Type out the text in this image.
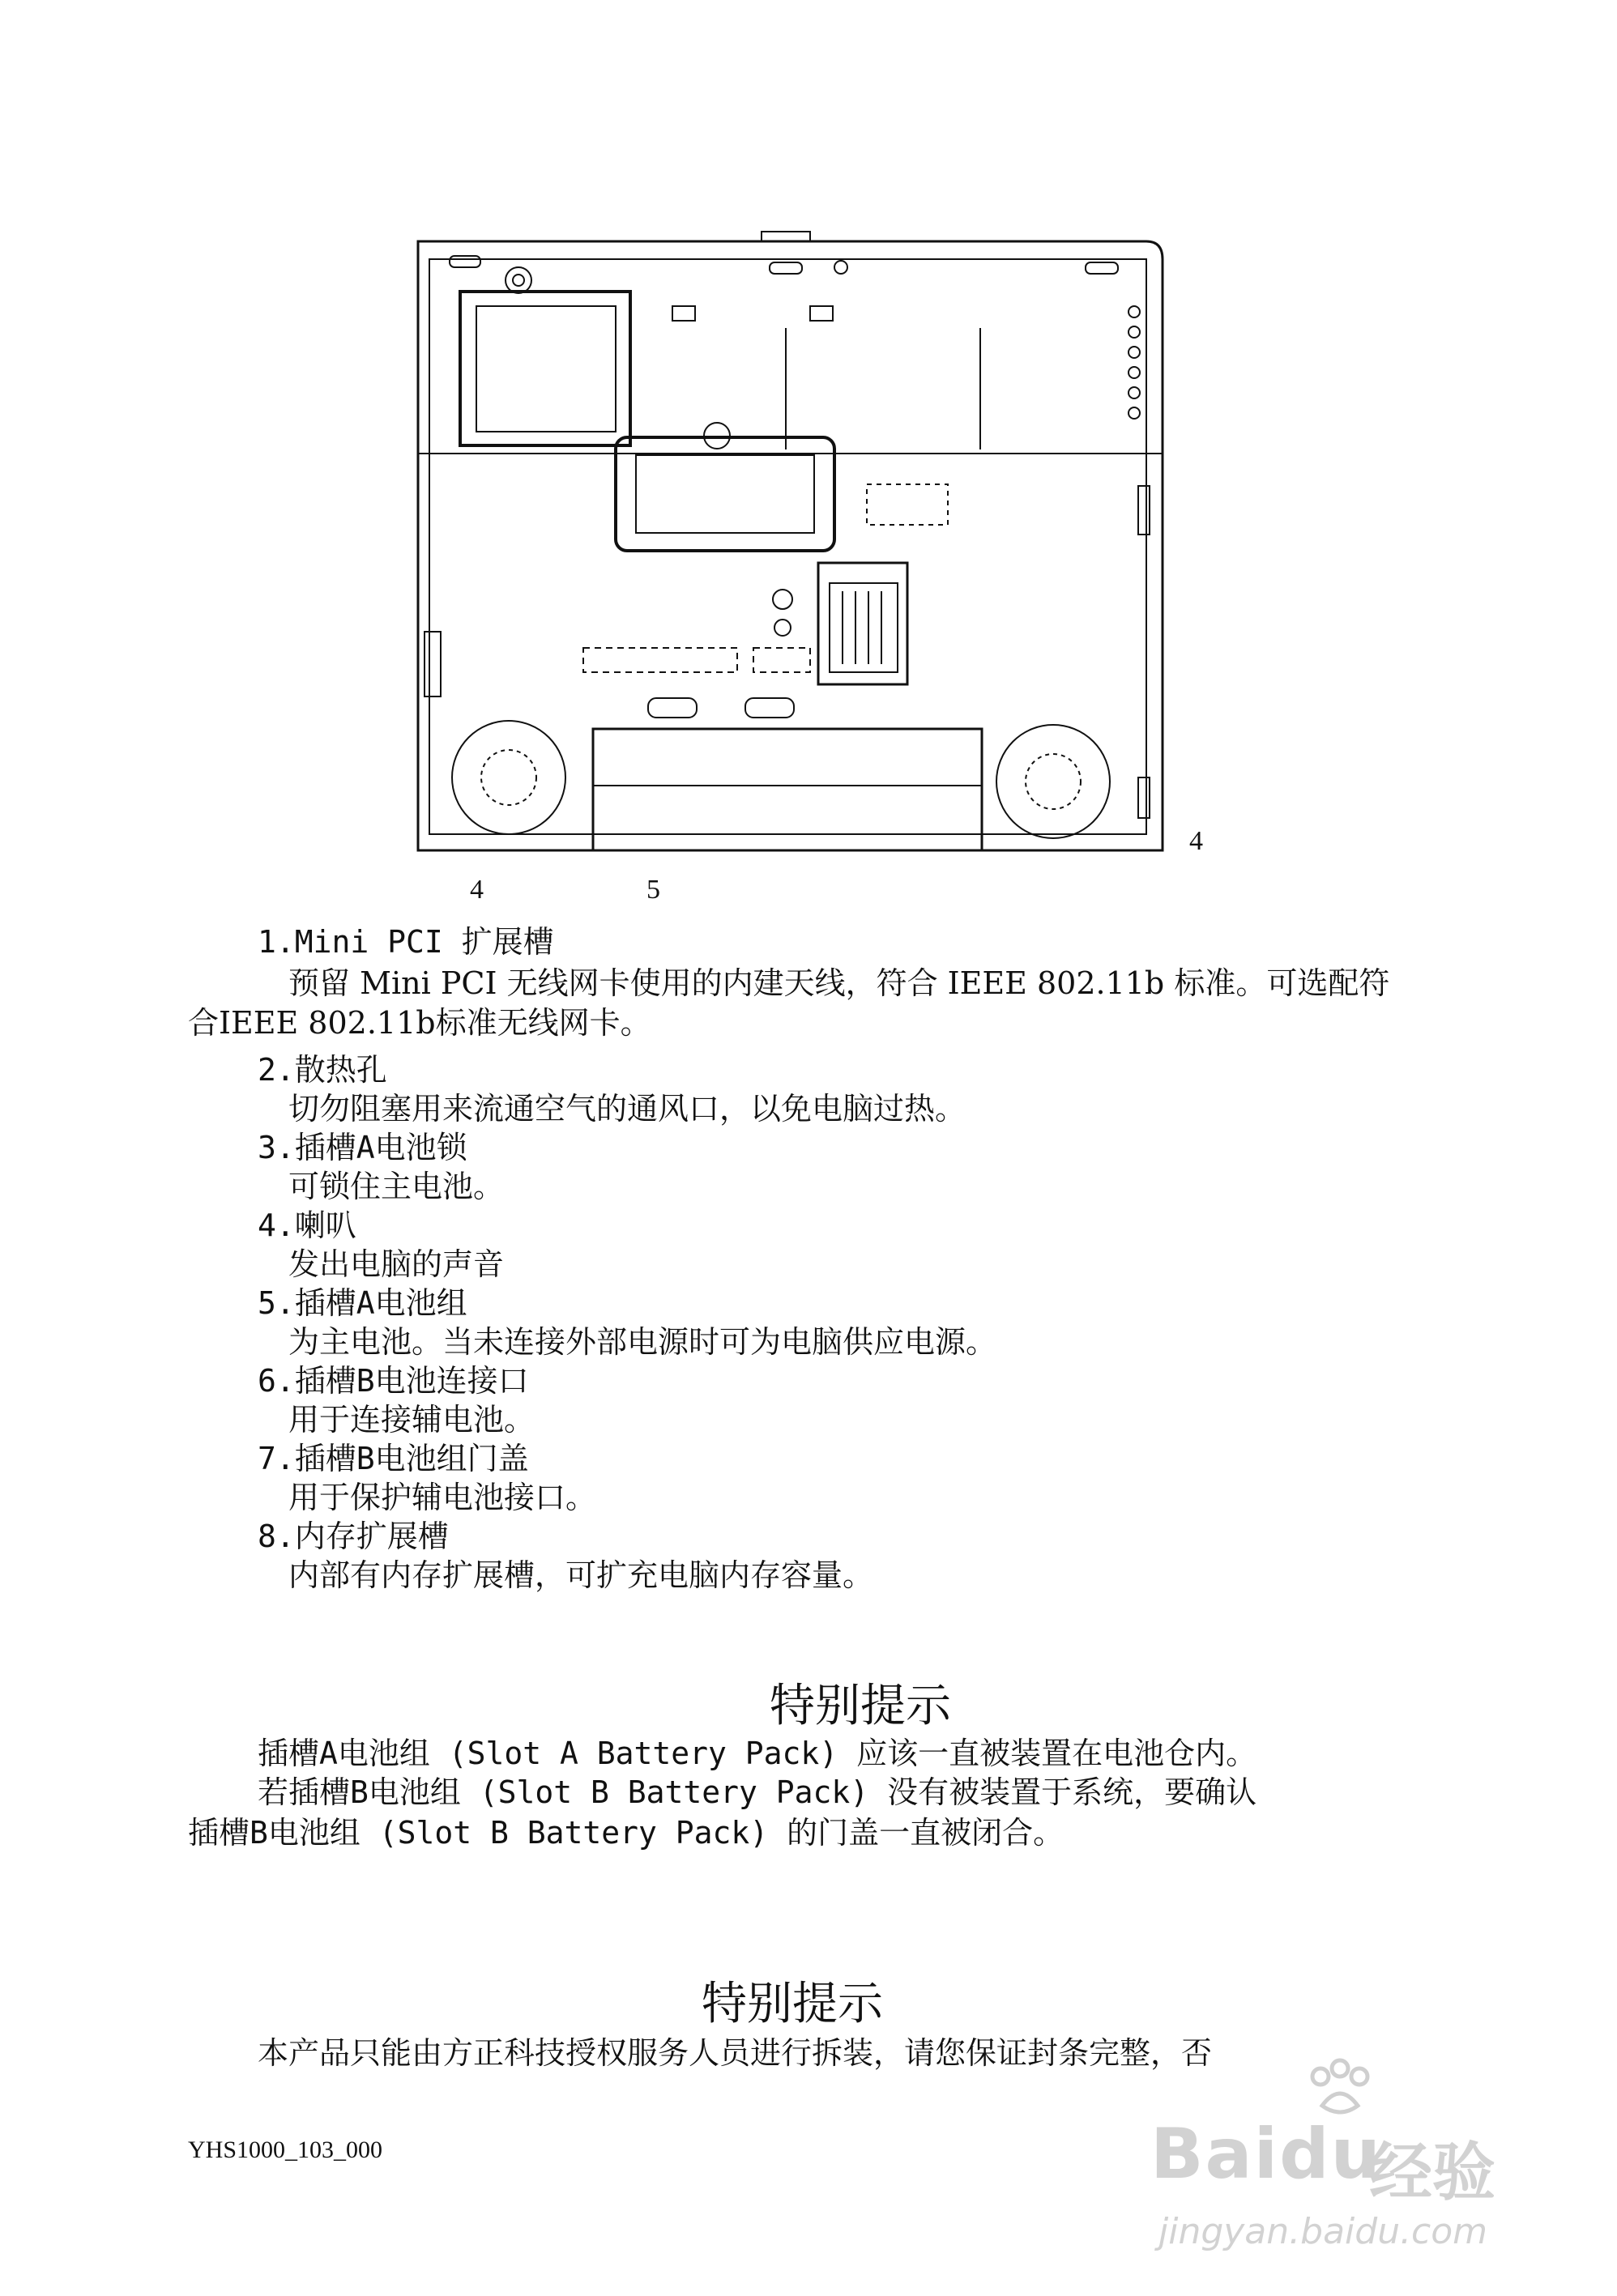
4
4	5
1.Mini PCI 扩展槽
预留 Mini PCI 无线网卡使用的内建天线，符合 IEEE 802.11b 标准。可选配符
合IEEE 802.11b标准无线网卡。
2.散热孔
切勿阻塞用来流通空气的通风口，以免电脑过热。
3.插槽A电池锁
可锁住主电池。
4.喇叭
发出电脑的声音
5.插槽A电池组
为主电池。当未连接外部电源时可为电脑供应电源。
6.插槽B电池连接口
用于连接辅电池。
7.插槽B电池组门盖
用于保护辅电池接口。
8.内存扩展槽
内部有内存扩展槽，可扩充电脑内存容量。
特别提示
插槽A电池组 (Slot A Battery Pack) 应该一直被装置在电池仓内。
若插槽B电池组 (Slot B Battery Pack) 没有被装置于系统，要确认
插槽B电池组 (Slot B Battery Pack) 的门盖一直被闭合。
特别提示
本产品只能由方正科技授权服务人员进行拆装，请您保证封条完整，否
YHS1000_103_000	Baidu
经验
jingyan.baidu.com
